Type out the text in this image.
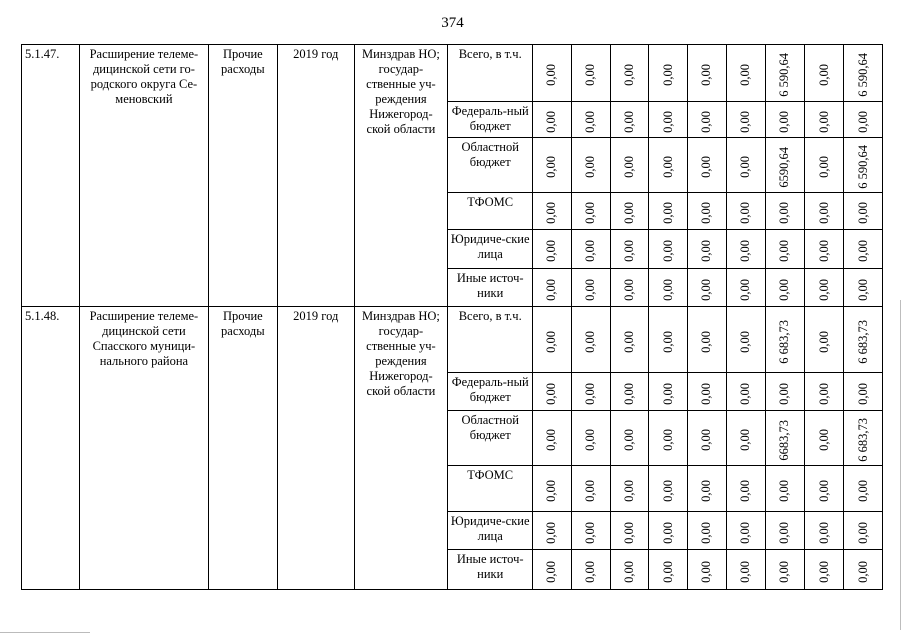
374
5.1.47.	Расширение телеме-дицинской сети го-родского округа Се-меновский	Прочие расходы	2019 год	Минздрав НО; государ-ственные уч-реждения Нижегород-ской области	Всего, в т.ч.	0,00	0,00	0,00	0,00	0,00	0,00	6 590,64	0,00	6 590,64

					Федераль-ный бюджет	0,00	0,00	0,00	0,00	0,00	0,00	0,00	0,00	0,00

					Областной бюджет	0,00	0,00	0,00	0,00	0,00	0,00	6590,64	0,00	6 590,64

					ТФОМС	0,00	0,00	0,00	0,00	0,00	0,00	0,00	0,00	0,00

					Юридиче-ские лица	0,00	0,00	0,00	0,00	0,00	0,00	0,00	0,00	0,00

					Иные источ-ники	0,00	0,00	0,00	0,00	0,00	0,00	0,00	0,00	0,00

5.1.48.	Расширение телеме-дицинской сети Спасского муници-нального района	Прочие расходы	2019 год	Минздрав НО; государ-ственные уч-реждения Нижегород-ской области	Всего, в т.ч.	0,00	0,00	0,00	0,00	0,00	0,00	6 683,73	0,00	6 683,73

					Федераль-ный бюджет	0,00	0,00	0,00	0,00	0,00	0,00	0,00	0,00	0,00

					Областной бюджет	0,00	0,00	0,00	0,00	0,00	0,00	6683,73	0,00	6 683,73

					ТФОМС	0,00	0,00	0,00	0,00	0,00	0,00	0,00	0,00	0,00

					Юридиче-ские лица	0,00	0,00	0,00	0,00	0,00	0,00	0,00	0,00	0,00

					Иные источ-ники	0,00	0,00	0,00	0,00	0,00	0,00	0,00	0,00	0,00
